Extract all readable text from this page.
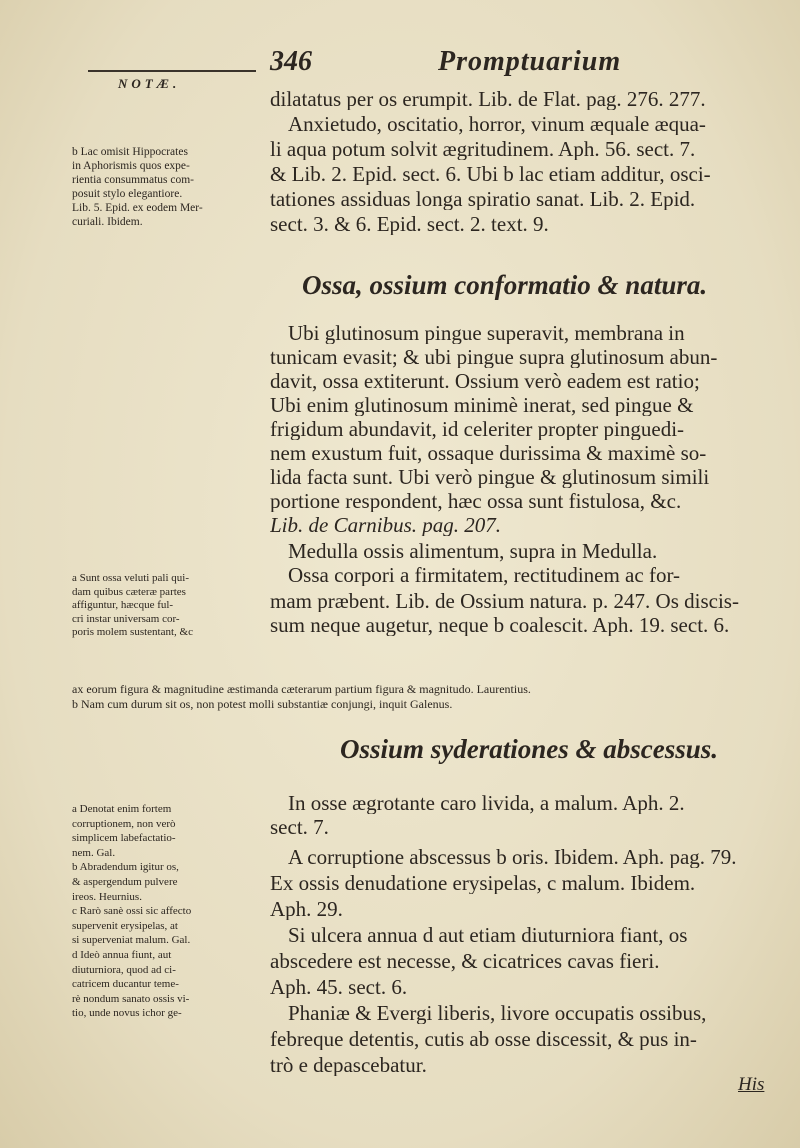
NOTÆ.
346	Promptuarium
dilatatus per os erumpit. Lib. de Flat. pag. 276. 277.
Anxietudo, oscitatio, horror, vinum æquale æqua-
li aqua potum solvit ægritudinem. Aph. 56. sect. 7.
& Lib. 2. Epid. sect. 6. Ubi b lac etiam additur, osci-
tationes assiduas longa spiratio sanat. Lib. 2. Epid.
sect. 3. & 6. Epid. sect. 2. text. 9.
b Lac omisit Hippocrates
in Aphorismis quos expe-
rientia consummatus com-
posuit stylo elegantiore.
Lib. 5. Epid. ex eodem Mer-
curiali. Ibidem.
Ossa, ossium conformatio & natura.
Ubi glutinosum pingue superavit, membrana in
tunicam evasit; & ubi pingue supra glutinosum abun-
davit, ossa extiterunt. Ossium verò eadem est ratio;
Ubi enim glutinosum minimè inerat, sed pingue &
frigidum abundavit, id celeriter propter pinguedi-
nem exustum fuit, ossaque durissima & maximè so-
lida facta sunt. Ubi verò pingue & glutinosum simili
portione respondent, hæc ossa sunt fistulosa, &c.
Lib. de Carnibus. pag. 207.
Medulla ossis alimentum, supra in Medulla.
Ossa corpori a firmitatem, rectitudinem ac for-
mam præbent. Lib. de Ossium natura. p. 247. Os discis-
sum neque augetur, neque b coalescit. Aph. 19. sect. 6.
a Sunt ossa veluti pali qui-
dam quibus cæteræ partes
affiguntur, hæcque ful-
cri instar universam cor-
poris molem sustentant, &c
ax eorum figura & magnitudine æstimanda cæterarum partium figura & magnitudo. Laurentius.
b Nam cum durum sit os, non potest molli substantiæ conjungi, inquit Galenus.
Ossium syderationes & abscessus.
In osse ægrotante caro livida, a malum. Aph. 2.
sect. 7.
A corruptione abscessus b oris. Ibidem. Aph. pag. 79.
Ex ossis denudatione erysipelas, c malum. Ibidem.
Aph. 29.
Si ulcera annua d aut etiam diuturniora fiant, os
abscedere est necesse, & cicatrices cavas fieri.
Aph. 45. sect. 6.
Phaniæ & Evergi liberis, livore occupatis ossibus,
febreque detentis, cutis ab osse discessit, & pus in-
trò e depascebatur.
a Denotat enim fortem
corruptionem, non verò
simplicem labefactatio-
nem. Gal.
b Abradendum igitur os,
& aspergendum pulvere
ireos. Heurnius.
c Rarò sanè ossi sic affecto
supervenit erysipelas, at
si superveniat malum. Gal.
d Ideò annua fiunt, aut
diuturniora, quod ad ci-
catricem ducantur teme-
rè nondum sanato ossis vi-
tio, unde novus ichor ge-
His
